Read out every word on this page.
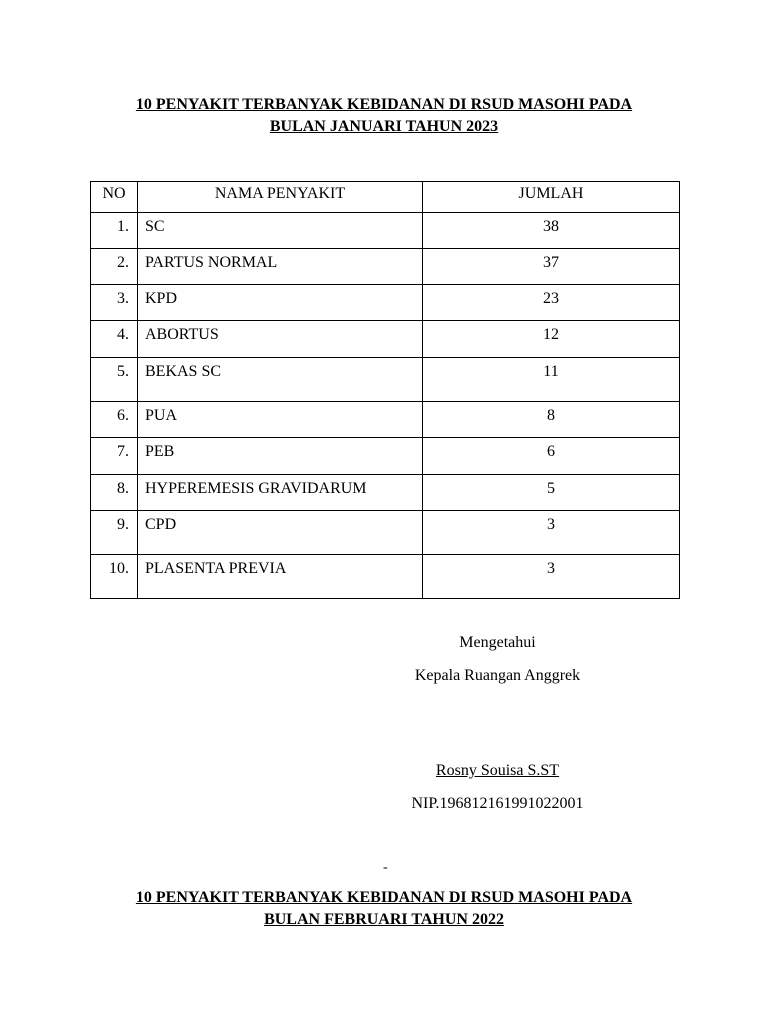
10 PENYAKIT TERBANYAK KEBIDANAN DI RSUD MASOHI PADA
BULAN JANUARI TAHUN 2023
NO	NAMA PENYAKIT	JUMLAH
1.	SC	38
2.	PARTUS NORMAL	37
3.	KPD	23
4.	ABORTUS	12
5.	BEKAS SC	11
6.	PUA	8
7.	PEB	6
8.	HYPEREMESIS GRAVIDARUM	5
9.	CPD	3
10.	PLASENTA PREVIA	3
Mengetahui
Kepala Ruangan Anggrek
Rosny Souisa S.ST
NIP.196812161991022001
-
10 PENYAKIT TERBANYAK KEBIDANAN DI RSUD MASOHI PADA
BULAN FEBRUARI TAHUN 2022
